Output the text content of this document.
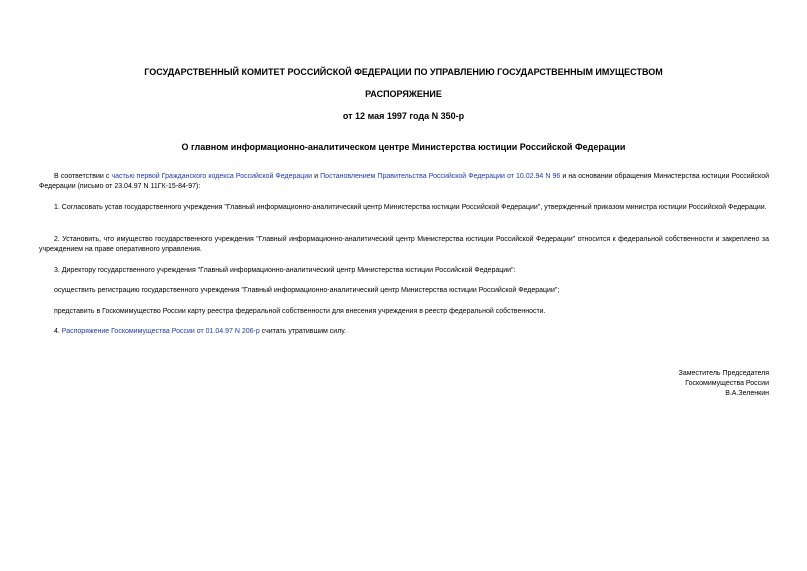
ГОСУДАРСТВЕННЫЙ КОМИТЕТ РОССИЙСКОЙ ФЕДЕРАЦИИ ПО УПРАВЛЕНИЮ ГОСУДАРСТВЕННЫМ ИМУЩЕСТВОМ
РАСПОРЯЖЕНИЕ
от 12 мая 1997 года N 350-р
О главном информационно-аналитическом центре Министерства юстиции Российской Федерации
В соответствии с частью первой Гражданского кодекса Российской Федерации и Постановлением Правительства Российской Федерации от 10.02.94 N 96 и на основании обращения Министерства юстиции Российской Федерации (письмо от 23.04.97 N 11ГК-15-84-97):
1. Согласовать устав государственного учреждения "Главный информационно-аналитический центр Министерства юстиции Российской Федерации", утвержденный приказом министра юстиции Российской Федерации.
2. Установить, что имущество государственного учреждения "Главный информационно-аналитический центр Министерства юстиции Российской Федерации" относится к федеральной собственности и закреплено за учреждением на праве оперативного управления.
3. Директору государственного учреждения "Главный информационно-аналитический центр Министерства юстиции Российской Федерации":
осуществить регистрацию государственного учреждения "Главный информационно-аналитический центр Министерства юстиции Российской Федерации";
представить в Госкомимущество России карту реестра федеральной собственности для внесения учреждения в реестр федеральной собственности.
4. Распоряжение Госкомимущества России от 01.04.97 N 206-р считать утратившим силу.
Заместитель Председателя
Госкомимущества России
В.А.Зеленкин
